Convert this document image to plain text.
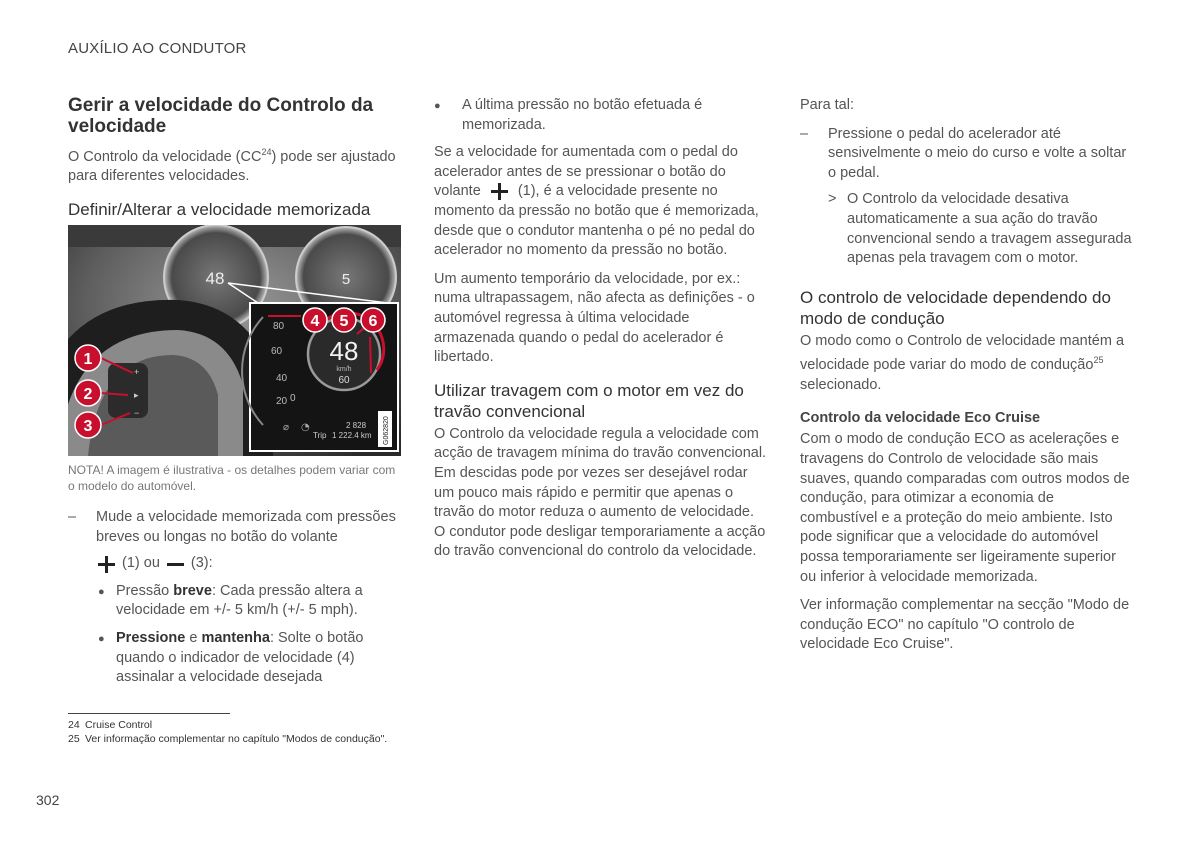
AUXÍLIO AO CONDUTOR
Gerir a velocidade do Controlo da velocidade

O Controlo da velocidade (CC$^{24}$) pode ser ajustado para diferentes velocidades.

Definir/Alterar a velocidade memorizada
48	5
+
▸
−
80
60
40
20 0
48
km/h
60
⌀ ◔	2 828
Trip 1 222.4 km G062820
1
2
3
4 5 6
NOTA! A imagem é ilustrativa - os detalhes podem variar com o modelo do automóvel.
–	Mude a velocidade memorizada com pressões breves ou longas no botão do volante
(1) ou (3):
● Pressão breve: Cada pressão altera a velocidade em +/- 5 km/h (+/- 5 mph).
● Pressione e mantenha: Solte o botão quando o indicador de velocidade (4) assinalar a velocidade desejada
●	A última pressão no botão efetuada é memorizada.

Se a velocidade for aumentada com o pedal do acelerador antes de se pressionar o botão do volante	(1), é a velocidade presente no momento da pressão no botão que é memorizada, desde que o condutor mantenha o pé no pedal do acelerador no momento da pressão no botão.

Um aumento temporário da velocidade, por ex.: numa ultrapassagem, não afecta as definições - o automóvel regressa à última velocidade armazenada quando o pedal do acelerador é libertado.

Utilizar travagem com o motor em vez do travão convencional

O Controlo da velocidade regula a velocidade com acção de travagem mínima do travão convencional. Em descidas pode por vezes ser desejável rodar um pouco mais rápido e permitir que apenas o travão do motor reduza o aumento de velocidade. O condutor pode desligar temporariamente a acção do travão convencional do controlo da velocidade.

Para tal:

–	Pressione o pedal do acelerador até sensivelmente o meio do curso e volte a soltar o pedal.
> O Controlo da velocidade desativa automaticamente a sua ação do travão convencional sendo a travagem assegurada apenas pela travagem com o motor.
O controlo de velocidade dependendo do modo de condução

O modo como o Controlo de velocidade mantém a velocidade pode variar do modo de condução$^{25}$ selecionado.

Controlo da velocidade Eco Cruise

Com o modo de condução ECO as acelerações e travagens do Controlo de velocidade são mais suaves, quando comparadas com outros modos de condução, para otimizar a economia de combustível e a proteção do meio ambiente. Isto pode significar que a velocidade do automóvel possa temporariamente ser ligeiramente superior ou inferior à velocidade memorizada.

Ver informação complementar na secção "Modo de condução ECO" no capítulo "O controlo de velocidade Eco Cruise".

24 Cruise Control
25 Ver informação complementar no capítulo "Modos de condução".
302
